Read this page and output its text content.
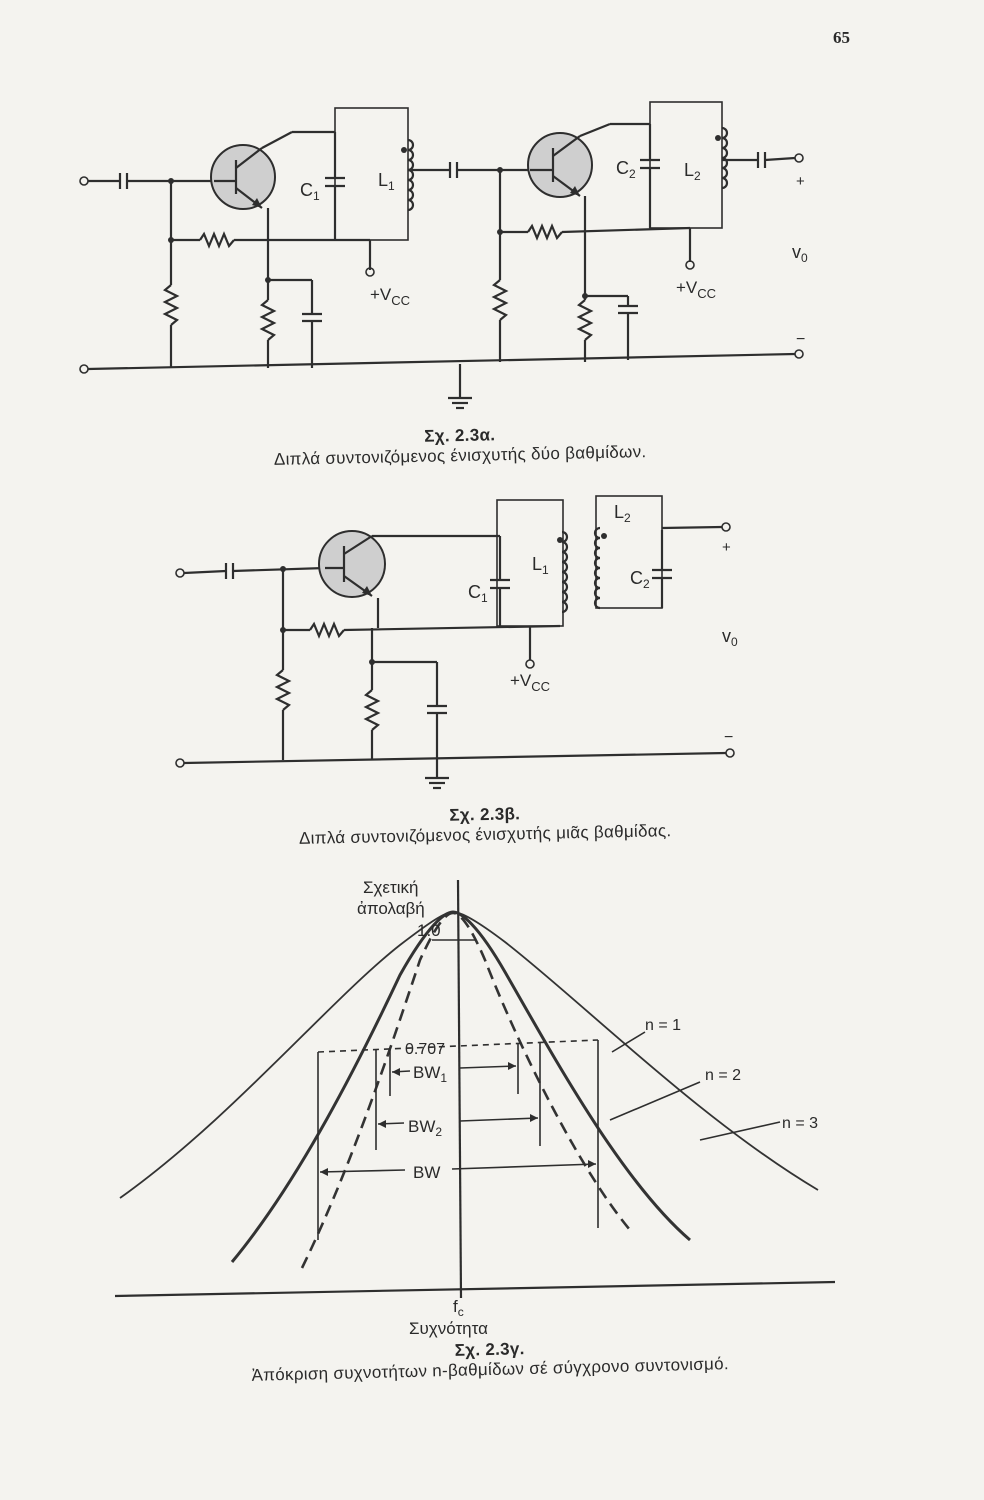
65
$C_1$
$L_1$
$C_2$	$L_2$
$+V_{CC}$
$+V_{CC}$
$v_0$
+
−
Σχ. 2.3α.
Διπλά συντονιζόμενος ένισχυτής δύο βαθμίδων.
$C_1$
$L_1$	$C_2$
$L_2$
$+V_{CC}$
$v_0$
+
−
Σχ. 2.3β.
Διπλά συντονιζόμενος ένισχυτής μιᾶς βαθμίδας.
Σχετική
ἀπολαβή
1.0
0.707
$BW_1$
$BW_2$
BW
n = 1
n = 2
n = 3
$f_c$
Συχνότητα
Σχ. 2.3γ.
Ἀπόκριση συχνοτήτων n-βαθμίδων σέ σύγχρονο συντονισμό.
